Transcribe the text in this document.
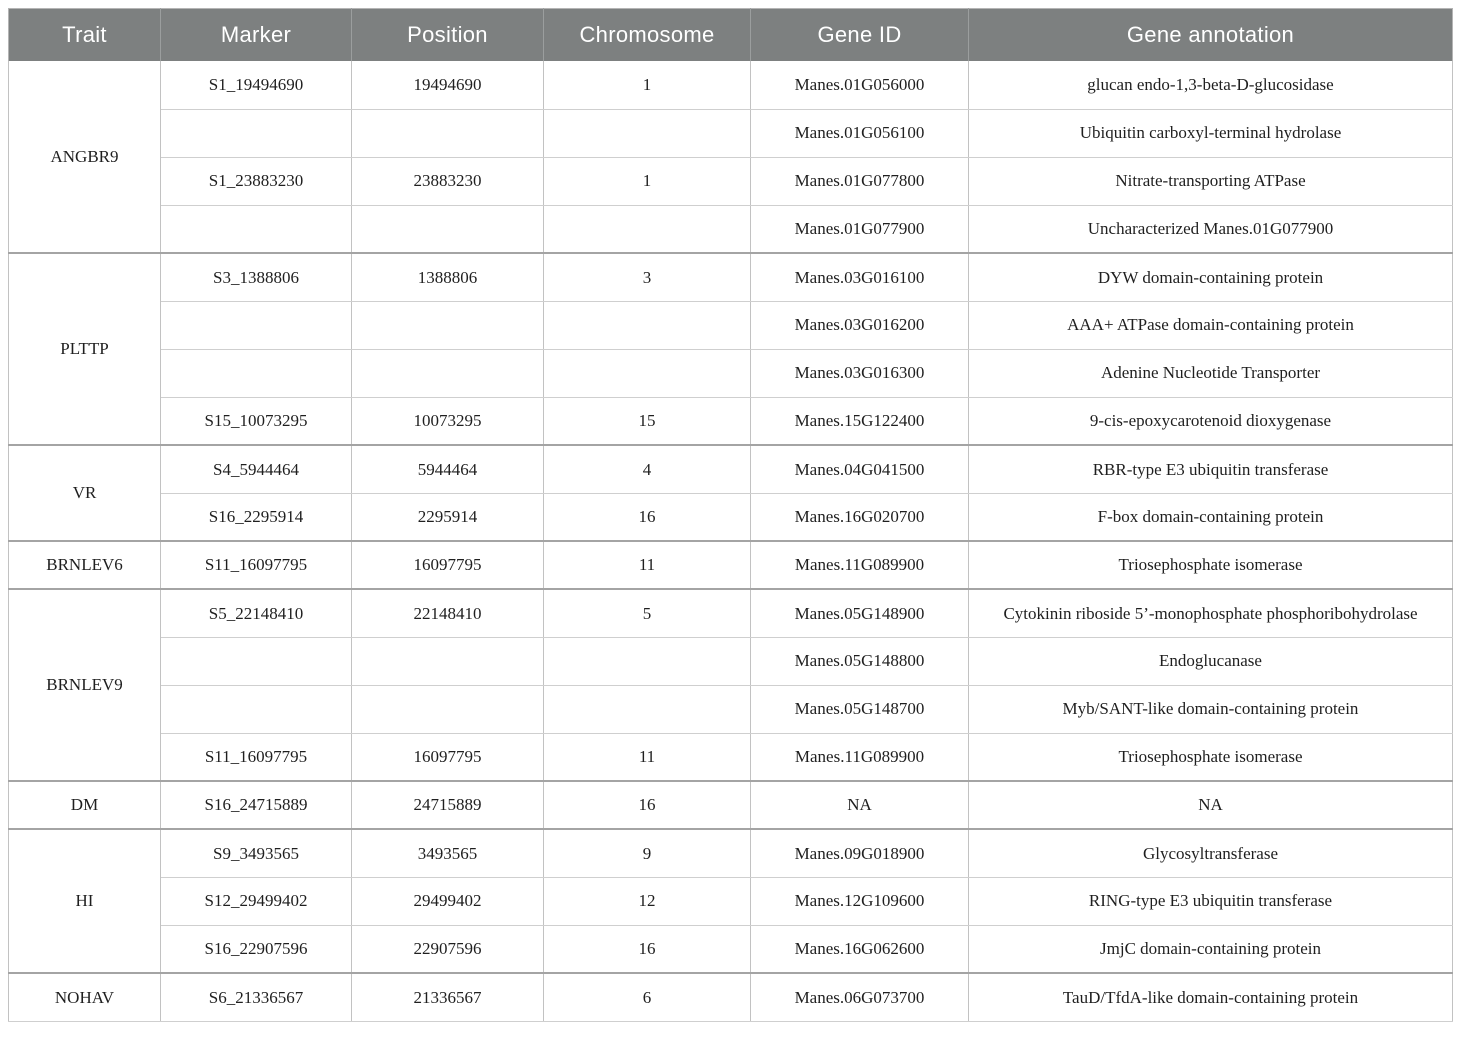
Trait	Marker	Position	Chromosome	Gene ID	Gene annotation
ANGBR9	S1_19494690	19494690	1	Manes.01G056000	glucan endo-1,3-beta-D-glucosidase
				Manes.01G056100	Ubiquitin carboxyl-terminal hydrolase
	S1_23883230	23883230	1	Manes.01G077800	Nitrate-transporting ATPase
				Manes.01G077900	Uncharacterized Manes.01G077900
PLTTP	S3_1388806	1388806	3	Manes.03G016100	DYW domain-containing protein
				Manes.03G016200	AAA+ ATPase domain-containing protein
				Manes.03G016300	Adenine Nucleotide Transporter
	S15_10073295	10073295	15	Manes.15G122400	9-cis-epoxycarotenoid dioxygenase
VR	S4_5944464	5944464	4	Manes.04G041500	RBR-type E3 ubiquitin transferase
	S16_2295914	2295914	16	Manes.16G020700	F-box domain-containing protein
BRNLEV6	S11_16097795	16097795	11	Manes.11G089900	Triosephosphate isomerase
BRNLEV9	S5_22148410	22148410	5	Manes.05G148900	Cytokinin riboside 5’-monophosphate phosphoribohydrolase
				Manes.05G148800	Endoglucanase
				Manes.05G148700	Myb/SANT-like domain-containing protein
	S11_16097795	16097795	11	Manes.11G089900	Triosephosphate isomerase
DM	S16_24715889	24715889	16	NA	NA
HI	S9_3493565	3493565	9	Manes.09G018900	Glycosyltransferase
	S12_29499402	29499402	12	Manes.12G109600	RING-type E3 ubiquitin transferase
	S16_22907596	22907596	16	Manes.16G062600	JmjC domain-containing protein
NOHAV	S6_21336567	21336567	6	Manes.06G073700	TauD/TfdA-like domain-containing protein
